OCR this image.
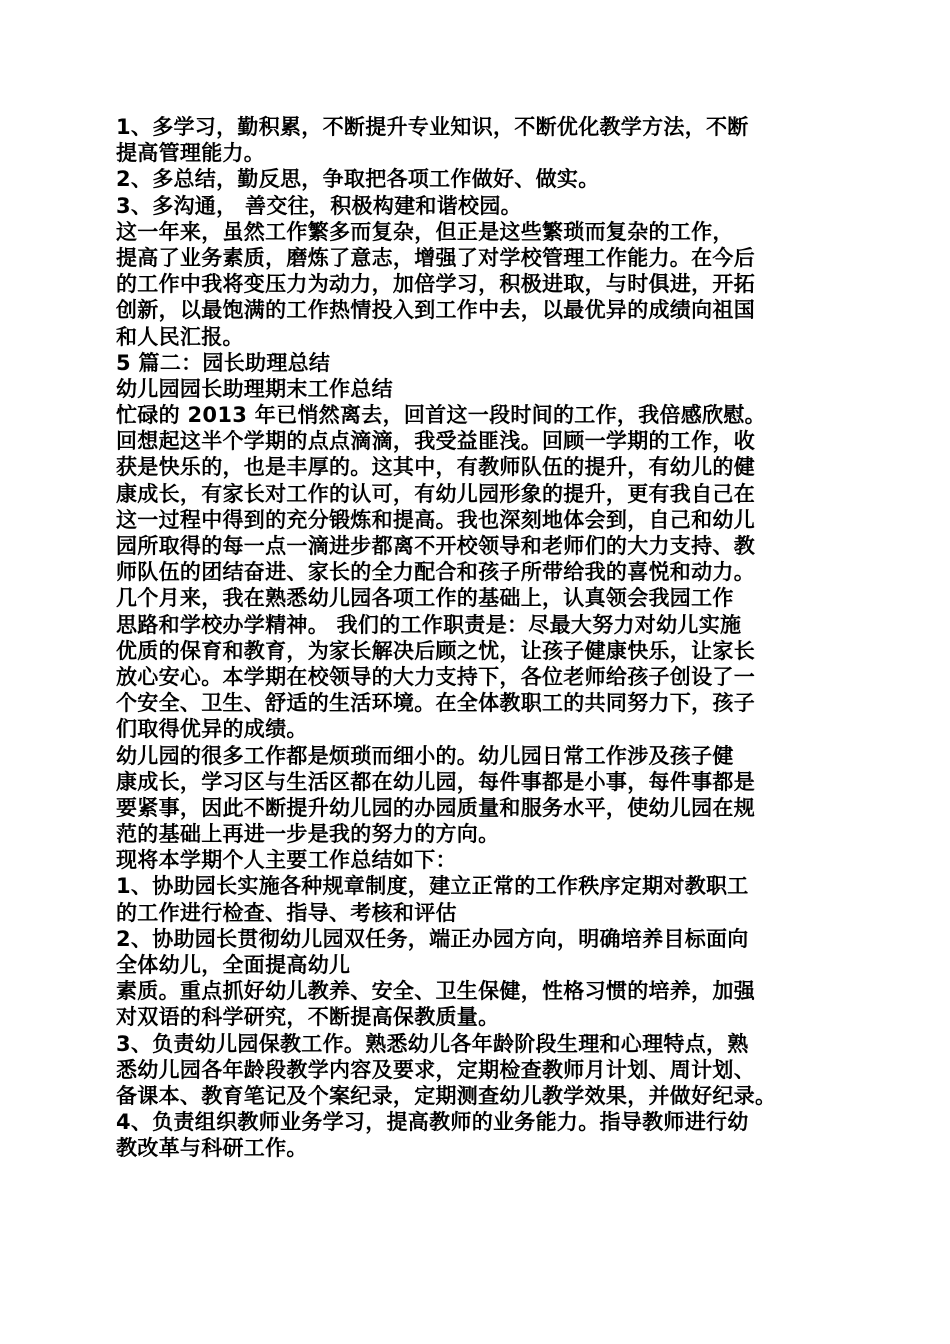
1、多学习，勤积累，不断提升专业知识，不断优化教学方法，不断
提高管理能力。
2、多总结，勤反思，争取把各项工作做好、做实。
3、多沟通， 善交往，积极构建和谐校园。
这一年来，虽然工作繁多而复杂，但正是这些繁琐而复杂的工作，
提高了业务素质，磨炼了意志，增强了对学校管理工作能力。在今后
的工作中我将变压力为动力，加倍学习，积极进取，与时俱进，开拓
创新，以最饱满的工作热情投入到工作中去，以最优异的成绩向祖国
和人民汇报。
5 篇二：园长助理总结
幼儿园园长助理期末工作总结
忙碌的 2013 年已悄然离去，回首这一段时间的工作，我倍感欣慰。
回想起这半个学期的点点滴滴，我受益匪浅。回顾一学期的工作，收
获是快乐的，也是丰厚的。这其中，有教师队伍的提升，有幼儿的健
康成长，有家长对工作的认可，有幼儿园形象的提升，更有我自己在
这一过程中得到的充分锻炼和提高。我也深刻地体会到，自己和幼儿
园所取得的每一点一滴进步都离不开校领导和老师们的大力支持、教
师队伍的团结奋进、家长的全力配合和孩子所带给我的喜悦和动力。
几个月来，我在熟悉幼儿园各项工作的基础上，认真领会我园工作
思路和学校办学精神。 我们的工作职责是：尽最大努力对幼儿实施
优质的保育和教育，为家长解决后顾之忧，让孩子健康快乐，让家长
放心安心。本学期在校领导的大力支持下，各位老师给孩子创设了一
个安全、卫生、舒适的生活环境。在全体教职工的共同努力下，孩子
们取得优异的成绩。
幼儿园的很多工作都是烦琐而细小的。幼儿园日常工作涉及孩子健
康成长，学习区与生活区都在幼儿园，每件事都是小事，每件事都是
要紧事，因此不断提升幼儿园的办园质量和服务水平，使幼儿园在规
范的基础上再进一步是我的努力的方向。
现将本学期个人主要工作总结如下：
1、协助园长实施各种规章制度，建立正常的工作秩序定期对教职工
的工作进行检查、指导、考核和评估
2、协助园长贯彻幼儿园双任务，端正办园方向，明确培养目标面向
全体幼儿，全面提高幼儿
素质。重点抓好幼儿教养、安全、卫生保健，性格习惯的培养，加强
对双语的科学研究，不断提高保教质量。
3、负责幼儿园保教工作。熟悉幼儿各年龄阶段生理和心理特点，熟
悉幼儿园各年龄段教学内容及要求，定期检查教师月计划、周计划、
备课本、教育笔记及个案纪录，定期测查幼儿教学效果，并做好纪录。
4、负责组织教师业务学习，提高教师的业务能力。指导教师进行幼
教改革与科研工作。
